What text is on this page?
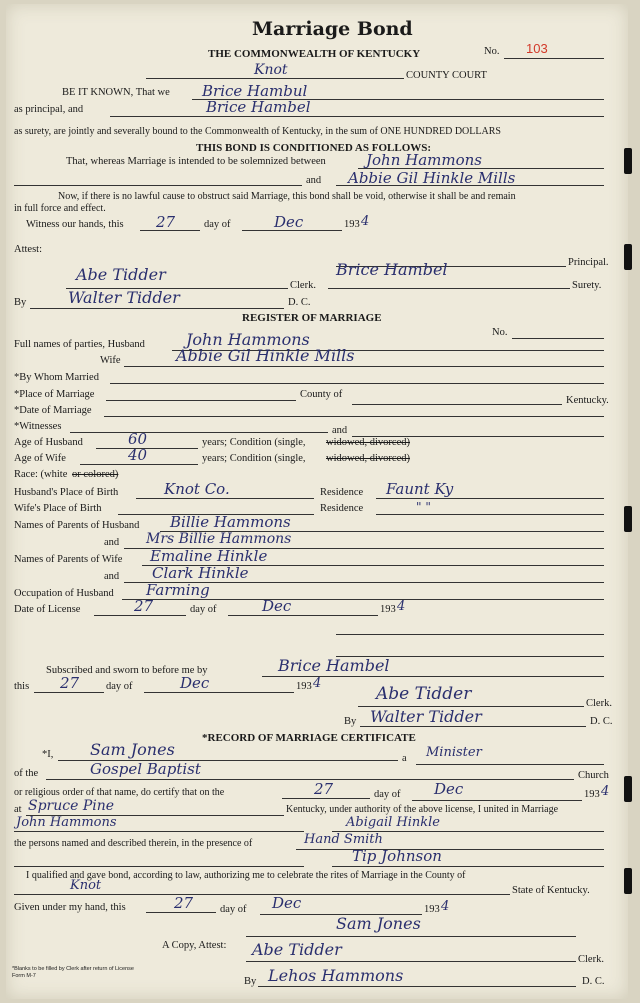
Marriage Bond
THE COMMONWEALTH OF KENTUCKY	No. 103
Knot	COUNTY COURT
BE IT KNOWN, That we Brice Hambul
as principal, and	Brice Hambel
as surety, are jointly and severally bound to the Commonwealth of Kentucky, in the sum of ONE HUNDRED DOLLARS
THIS BOND IS CONDITIONED AS FOLLOWS:
That, whereas Marriage is intended to be solemnized between	John Hammons
and Abbie Gil Hinkle Mills
Now, if there is no lawful cause to obstruct said Marriage, this bond shall be void, otherwise it shall be and remain
in full force and effect.
Witness our hands, this 27	day of	Dec	193 4
Attest:
Principal.
Abe Tidder
Clerk.
Brice Hambel
Surety.
By	Walter Tidder	D. C.
REGISTER OF MARRIAGE
No.
Full names of parties, Husband	John Hammons
Wife	Abbie Gil Hinkle Mills
*By Whom Married
*Place of Marriage	County of
Kentucky.
*Date of Marriage
*Witnesses	and
Age of Husband	60	years; Condition (single, widowed, divorced)
Age of Wife	40	years; Condition (single, widowed, divorced)
Race: (white or colored)
Husband's Place of Birth	Knot Co.	Residence Faunt Ky
Wife's Place of Birth	Residence	" "
Names of Parents of Husband Billie Hammons
and Mrs Billie Hammons
Names of Parents of Wife Emaline Hinkle
and Clark Hinkle
Occupation of Husband Farming
Date of License	27	day of	Dec	193 4
Subscribed and sworn to before me by	Brice Hambel
this 27	day of	Dec	193 4
Abe Tidder	Clerk.
By Walter Tidder	D. C.
*RECORD OF MARRIAGE CERTIFICATE
*I, Sam Jones	a Minister
of the	Gospel Baptist	Church
or religious order of that name, do certify that on the	27	day of Dec	193 4
at Spruce Pine	Kentucky, under authority of the above license, I united in Marriage
John Hammons	Abigail Hinkle
the persons named and described therein, in the presence of	Hand Smith
Tip Johnson
I qualified and gave bond, according to law, authorizing me to celebrate the rites of Marriage in the County of
Knot	State of Kentucky.
Given under my hand, this	27	day of Dec	193 4
Sam Jones
A Copy, Attest: Abe Tidder
Clerk.
*Blanks to be filled by Clerk after return of License
Form M-7	By Lehos Hammons	D. C.
